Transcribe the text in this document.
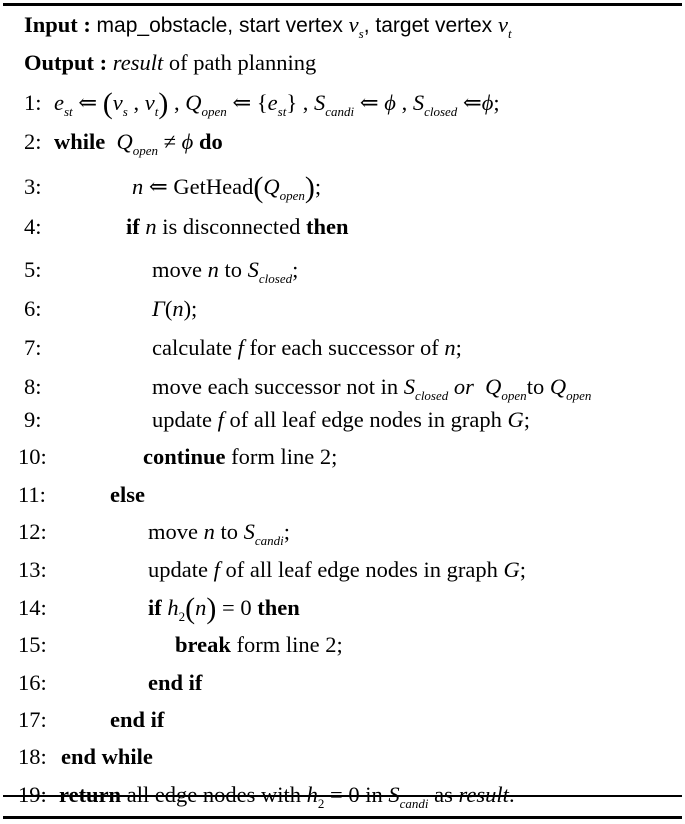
Input : map_obstacle, start vertex $v_s$, target vertex $v_t$
Output : result of path planning
1: $e_{st}$ ⇐ ($v_s$ , $v_t$) , $Q_{open}$ ⇐ $\{e_{st}\}$ , $S_{candi}$ ⇐ ϕ , $S_{closed}$ ⇐ϕ;
2: while $Q_{open} \ne \phi$ do
3:	n ⇐ $GetHead(Q_{open})$;
4:	if n is disconnected then
5:	move n to $S_{closed}$;
6:	Γ(n);
7:	calculate f for each successor of n;
8:	move each successor not in $S_{closed}$ or  $Q_{open}to$ $Q_{open}$
9:	update f of all leaf edge nodes in graph G;
10:	continue form line 2;
11:	else
12:	move n to $S_{candi}$;
13:	update f of all leaf edge nodes in graph G;
14:	if $h_2(n) = 0$ then
15:	break form line 2;
16:	end if
17:	end if
18: end while
19: return all edge nodes with $h_2 = 0$ in $S_{candi}$ as result.
